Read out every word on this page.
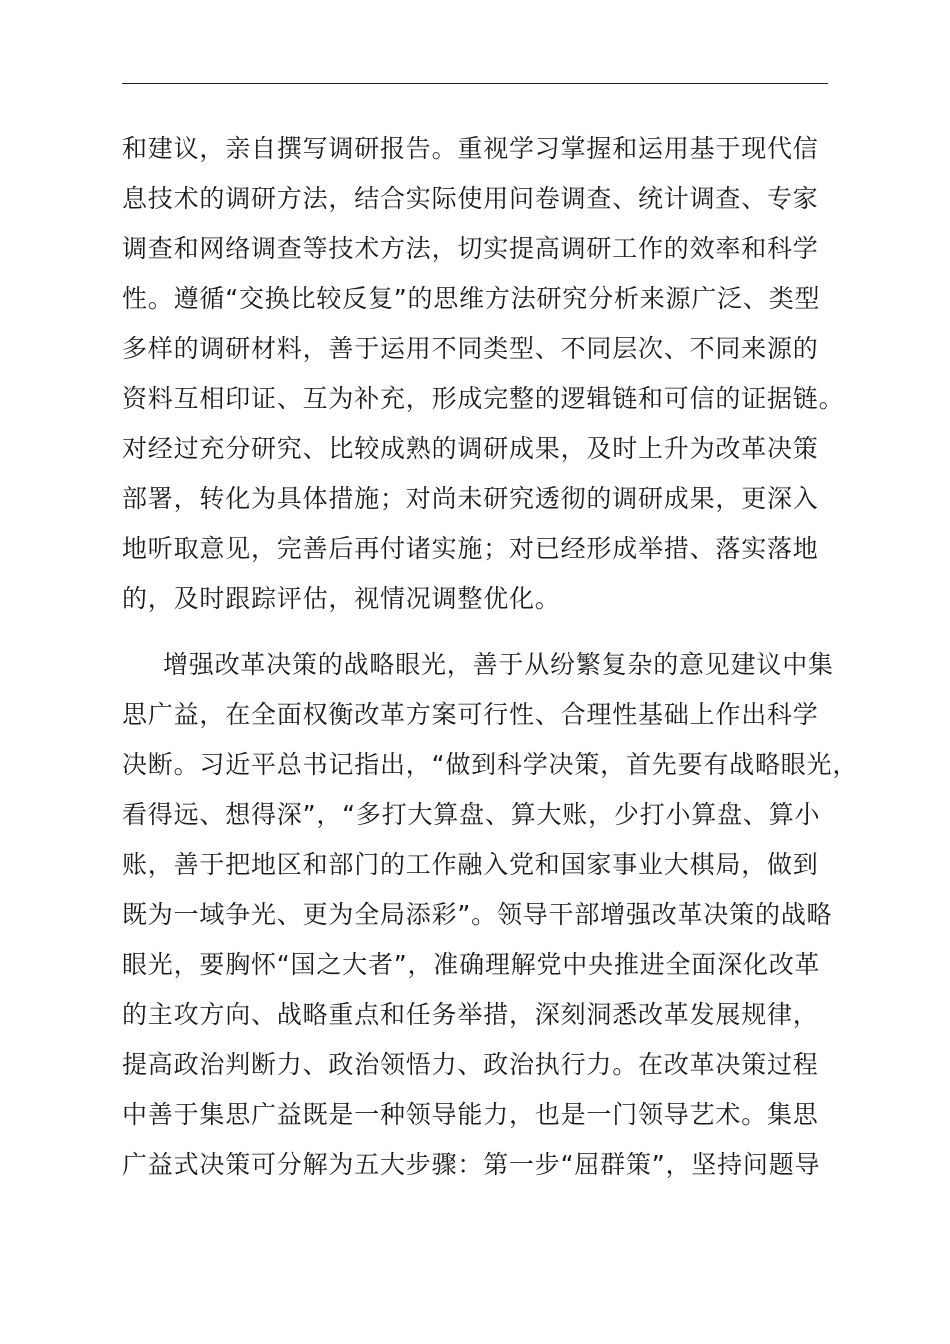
和建议，亲自撰写调研报告。重视学习掌握和运用基于现代信
息技术的调研方法，结合实际使用问卷调查、统计调查、专家
调查和网络调查等技术方法，切实提高调研工作的效率和科学
性。遵循“交换比较反复”的思维方法研究分析来源广泛、类型
多样的调研材料，善于运用不同类型、不同层次、不同来源的
资料互相印证、互为补充，形成完整的逻辑链和可信的证据链。
对经过充分研究、比较成熟的调研成果，及时上升为改革决策
部署，转化为具体措施；对尚未研究透彻的调研成果，更深入
地听取意见，完善后再付诸实施；对已经形成举措、落实落地
的，及时跟踪评估，视情况调整优化。
增强改革决策的战略眼光，善于从纷繁复杂的意见建议中集
思广益，在全面权衡改革方案可行性、合理性基础上作出科学
决断。习近平总书记指出，“做到科学决策，首先要有战略眼光，
看得远、想得深”，“多打大算盘、算大账，少打小算盘、算小
账，善于把地区和部门的工作融入党和国家事业大棋局，做到
既为一域争光、更为全局添彩”。领导干部增强改革决策的战略
眼光，要胸怀“国之大者”，准确理解党中央推进全面深化改革
的主攻方向、战略重点和任务举措，深刻洞悉改革发展规律，
提高政治判断力、政治领悟力、政治执行力。在改革决策过程
中善于集思广益既是一种领导能力，也是一门领导艺术。集思
广益式决策可分解为五大步骤：第一步“屈群策”，坚持问题导
